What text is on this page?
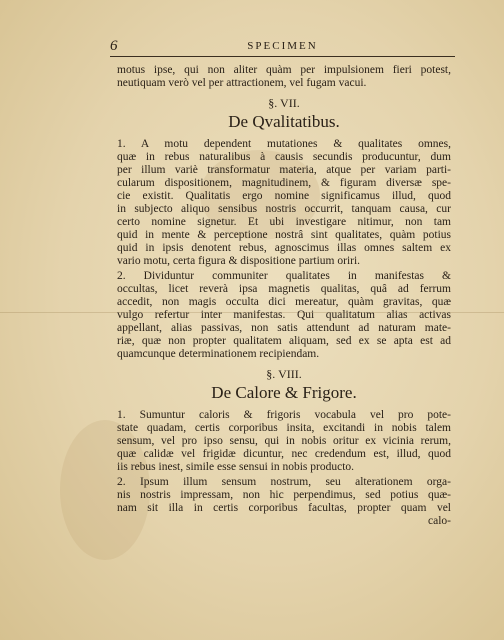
6	SPECIMEN
motus ipse, qui non aliter quàm per impulsionem fieri potest,
neutiquam verò vel per attractionem, vel fugam vacui.
§. VII.
De Qvalitatibus.
1. A motu dependent mutationes & qualitates omnes,
quæ in rebus naturalibus à causis secundis producuntur, dum
per illum variè transformatur materia, atque per variam parti-
cularum dispositionem, magnitudinem, & figuram diversæ spe-
cie existit. Qualitatis ergo nomine significamus illud, quod
in subjecto aliquo sensibus nostris occurrit, tanquam causa, cur
certo nomine signetur. Et ubi investigare nitimur, non tam
quid in mente & perceptione nostrâ sint qualitates, quàm potius
quid in ipsis denotent rebus, agnoscimus illas omnes saltem ex
vario motu, certa figura & dispositione partium oriri.
2. Dividuntur communiter qualitates in manifestas &
occultas, licet reverà ipsa magnetis qualitas, quâ ad ferrum
accedit, non magis occulta dici mereatur, quàm gravitas, quæ
vulgo refertur inter manifestas. Qui qualitatum alias activas
appellant, alias passivas, non satis attendunt ad naturam mate-
riæ, quæ non propter qualitatem aliquam, sed ex se apta est ad
quamcunque determinationem recipiendam.
§. VIII.
De Calore & Frigore.
1. Sumuntur caloris & frigoris vocabula vel pro pote-
state quadam, certis corporibus insita, excitandi in nobis talem
sensum, vel pro ipso sensu, qui in nobis oritur ex vicinia rerum,
quæ calidæ vel frigidæ dicuntur, nec credendum est, illud, quod
iis rebus inest, simile esse sensui in nobis producto.
2. Ipsum illum sensum nostrum, seu alterationem orga-
nis nostris impressam, non hic perpendimus, sed potius quæ-
nam sit illa in certis corporibus facultas, propter quam vel
calo-
